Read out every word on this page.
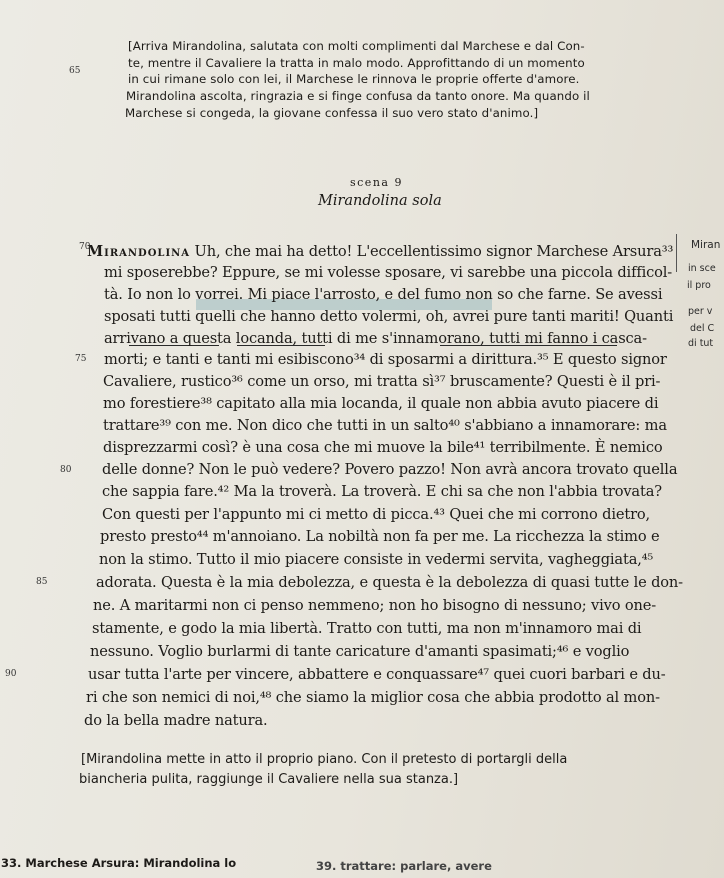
[Arriva Mirandolina, salutata con molti complimenti dal Marchese e dal Con-
te, mentre il Cavaliere la tratta in malo modo. Approfittando di un momento
in cui rimane solo con lei, il Marchese le rinnova le proprie offerte d'amore.
Mirandolina ascolta, ringrazia e si finge confusa da tanto onore. Ma quando il
Marchese si congeda, la giovane confessa il suo vero stato d'animo.]
65
scena 9
Mirandolina sola
Mirandolina Uh, che mai ha detto! L'eccellentissimo signor Marchese Arsura³³
mi sposerebbe? Eppure, se mi volesse sposare, vi sarebbe una piccola difficol-
tà. Io non lo vorrei. Mi piace l'arrosto, e del fumo non so che farne. Se avessi
sposati tutti quelli che hanno detto volermi, oh, avrei pure tanti mariti! Quanti
arrivano a questa locanda, tutti di me s'innamorano, tutti mi fanno i casca-
morti; e tanti e tanti mi esibiscono³⁴ di sposarmi a dirittura.³⁵ E questo signor
Cavaliere, rustico³⁶ come un orso, mi tratta sì³⁷ bruscamente? Questi è il pri-
mo forestiere³⁸ capitato alla mia locanda, il quale non abbia avuto piacere di
trattare³⁹ con me. Non dico che tutti in un salto⁴⁰ s'abbiano a innamorare: ma
disprezzarmi così? è una cosa che mi muove la bile⁴¹ terribilmente. È nemico
delle donne? Non le può vedere? Povero pazzo! Non avrà ancora trovato quella
che sappia fare.⁴² Ma la troverà. La troverà. E chi sa che non l'abbia trovata?
Con questi per l'appunto mi ci metto di picca.⁴³ Quei che mi corrono dietro,
presto presto⁴⁴ m'annoiano. La nobiltà non fa per me. La ricchezza la stimo e
non la stimo. Tutto il mio piacere consiste in vedermi servita, vagheggiata,⁴⁵
adorata. Questa è la mia debolezza, e questa è la debolezza di quasi tutte le don-
ne. A maritarmi non ci penso nemmeno; non ho bisogno di nessuno; vivo one-
stamente, e godo la mia libertà. Tratto con tutti, ma non m'innamoro mai di
nessuno. Voglio burlarmi di tante caricature d'amanti spasimati;⁴⁶ e voglio
usar tutta l'arte per vincere, abbattere e conquassare⁴⁷ quei cuori barbari e du-
ri che son nemici di noi,⁴⁸ che siamo la miglior cosa che abbia prodotto al mon-
do la bella madre natura.
70
75
80
85
90
Miran
in sce
il pro
per v
del C
di tut
[Mirandolina mette in atto il proprio piano. Con il pretesto di portargli della
biancheria pulita, raggiunge il Cavaliere nella sua stanza.]
33. Marchese Arsura: Mirandolina lo	39. trattare: parlare, avere
